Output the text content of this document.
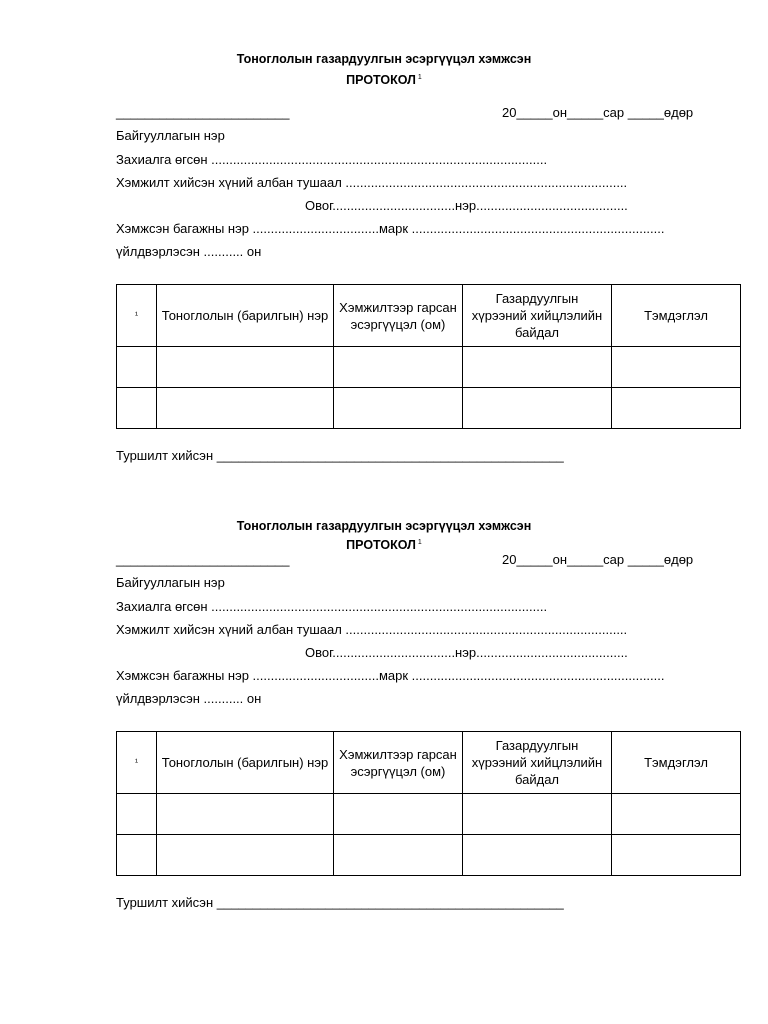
Тоноглолын газардуулгын эсэргүүцэл хэмжсэн
ПРОТОКОЛ $^1$
________________________	20_____он_____сар _____өдөр
Байгууллагын нэр
Захиалга өгсөн .............................................................................................
Хэмжилт хийсэн хүний албан тушаал ..............................................................................
Овог..................................нэр..........................................
Хэмжсэн багажны нэр ...................................марк ......................................................................
үйлдвэрлэсэн ........... он
¹	Тоноглолын (барилгын) нэр	Хэмжилтээр гарсан эсэргүүцэл (ом)	Газардуулгын хүрээний хийцлэлийн байдал	Тэмдэглэл

Туршилт хийсэн ________________________________________________
Тоноглолын газардуулгын эсэргүүцэл хэмжсэн
ПРОТОКОЛ $^1$
________________________	20_____он_____сар _____өдөр
Байгууллагын нэр
Захиалга өгсөн .............................................................................................
Хэмжилт хийсэн хүний албан тушаал ..............................................................................
Овог..................................нэр..........................................
Хэмжсэн багажны нэр ...................................марк ......................................................................
үйлдвэрлэсэн ........... он
¹	Тоноглолын (барилгын) нэр	Хэмжилтээр гарсан эсэргүүцэл (ом)	Газардуулгын хүрээний хийцлэлийн байдал	Тэмдэглэл

Туршилт хийсэн ________________________________________________
